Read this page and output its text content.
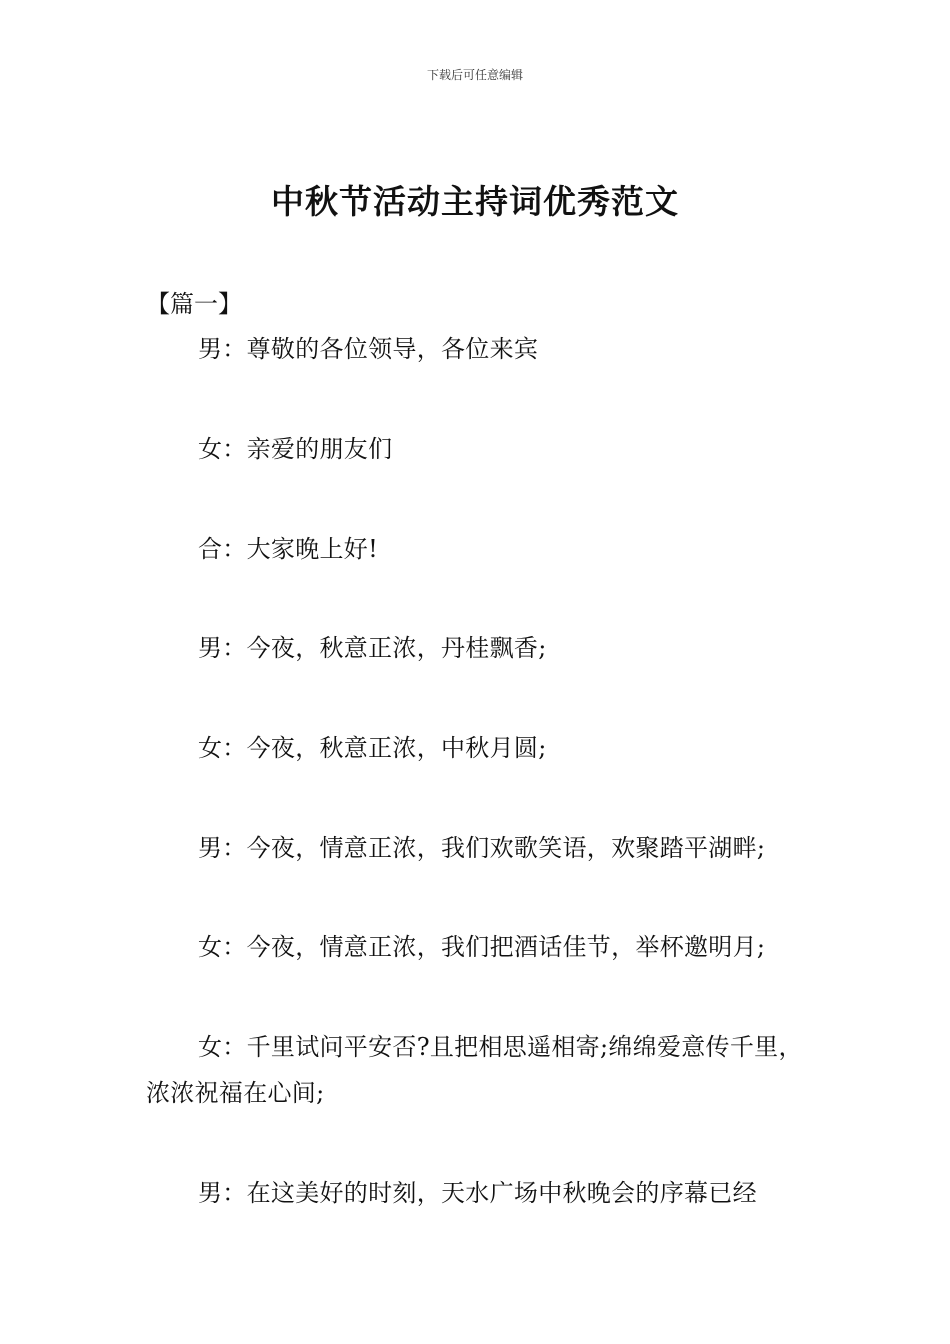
下载后可任意编辑
中秋节活动主持词优秀范文
【篇一】

男：尊敬的各位领导，各位来宾

女：亲爱的朋友们

合：大家晚上好!

男：今夜，秋意正浓，丹桂飘香;

女：今夜，秋意正浓，中秋月圆;

男：今夜，情意正浓，我们欢歌笑语，欢聚踏平湖畔;

女：今夜，情意正浓，我们把酒话佳节，举杯邀明月;

女：千里试问平安否?且把相思遥相寄;绵绵爱意传千里，浓浓祝福在心间;

男：在这美好的时刻，天水广场中秋晚会的序幕已经
